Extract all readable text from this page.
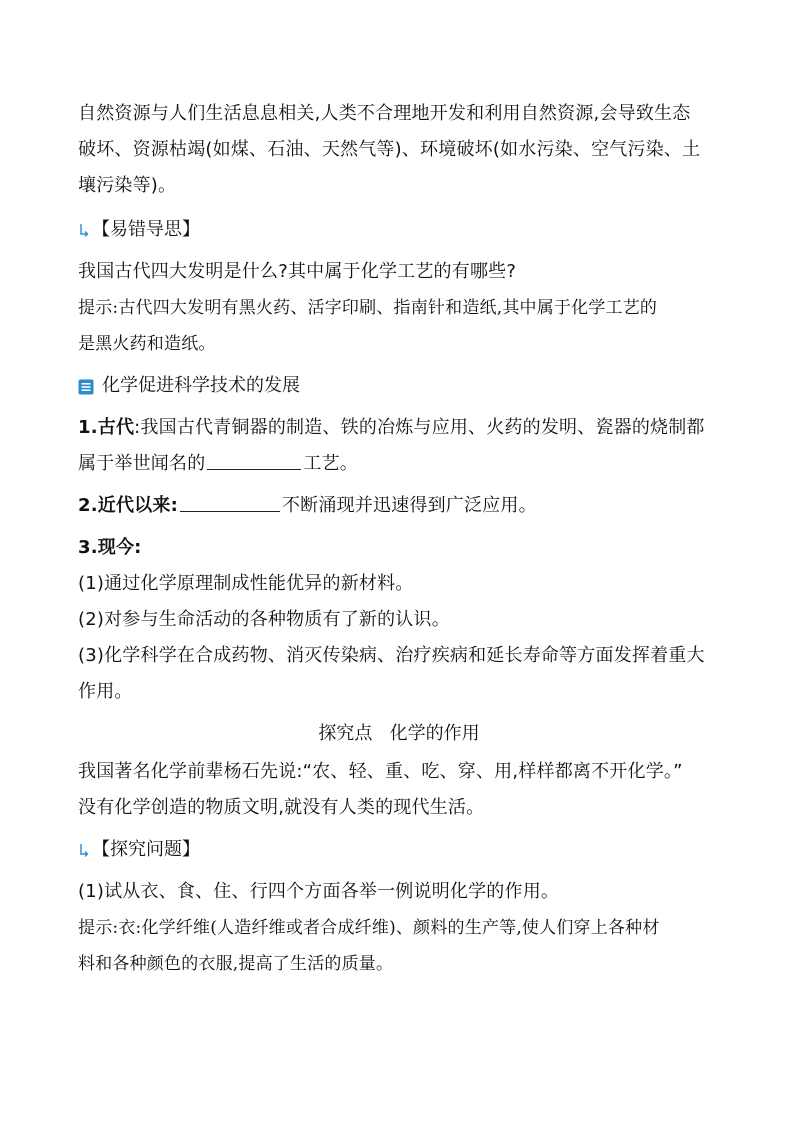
自然资源与人们生活息息相关,人类不合理地开发和利用自然资源,会导致生态
破坏、资源枯竭(如煤、石油、天然气等)、环境破坏(如水污染、空气污染、土
壤污染等)。
【易错导思】
我国古代四大发明是什么?其中属于化学工艺的有哪些?
提示:古代四大发明有黑火药、活字印刷、指南针和造纸,其中属于化学工艺的
是黑火药和造纸。
化学促进科学技术的发展
1.古代:我国古代青铜器的制造、铁的冶炼与应用、火药的发明、瓷器的烧制都
属于举世闻名的	工艺。
2.近代以来:	不断涌现并迅速得到广泛应用。
3.现今:
(1)通过化学原理制成性能优异的新材料。
(2)对参与生命活动的各种物质有了新的认识。
(3)化学科学在合成药物、消灭传染病、治疗疾病和延长寿命等方面发挥着重大
作用。
探究点   化学的作用
我国著名化学前辈杨石先说:“农、轻、重、吃、穿、用,样样都离不开化学。”
没有化学创造的物质文明,就没有人类的现代生活。
【探究问题】
(1)试从衣、食、住、行四个方面各举一例说明化学的作用。
提示:衣:化学纤维(人造纤维或者合成纤维)、颜料的生产等,使人们穿上各种材
料和各种颜色的衣服,提高了生活的质量。
